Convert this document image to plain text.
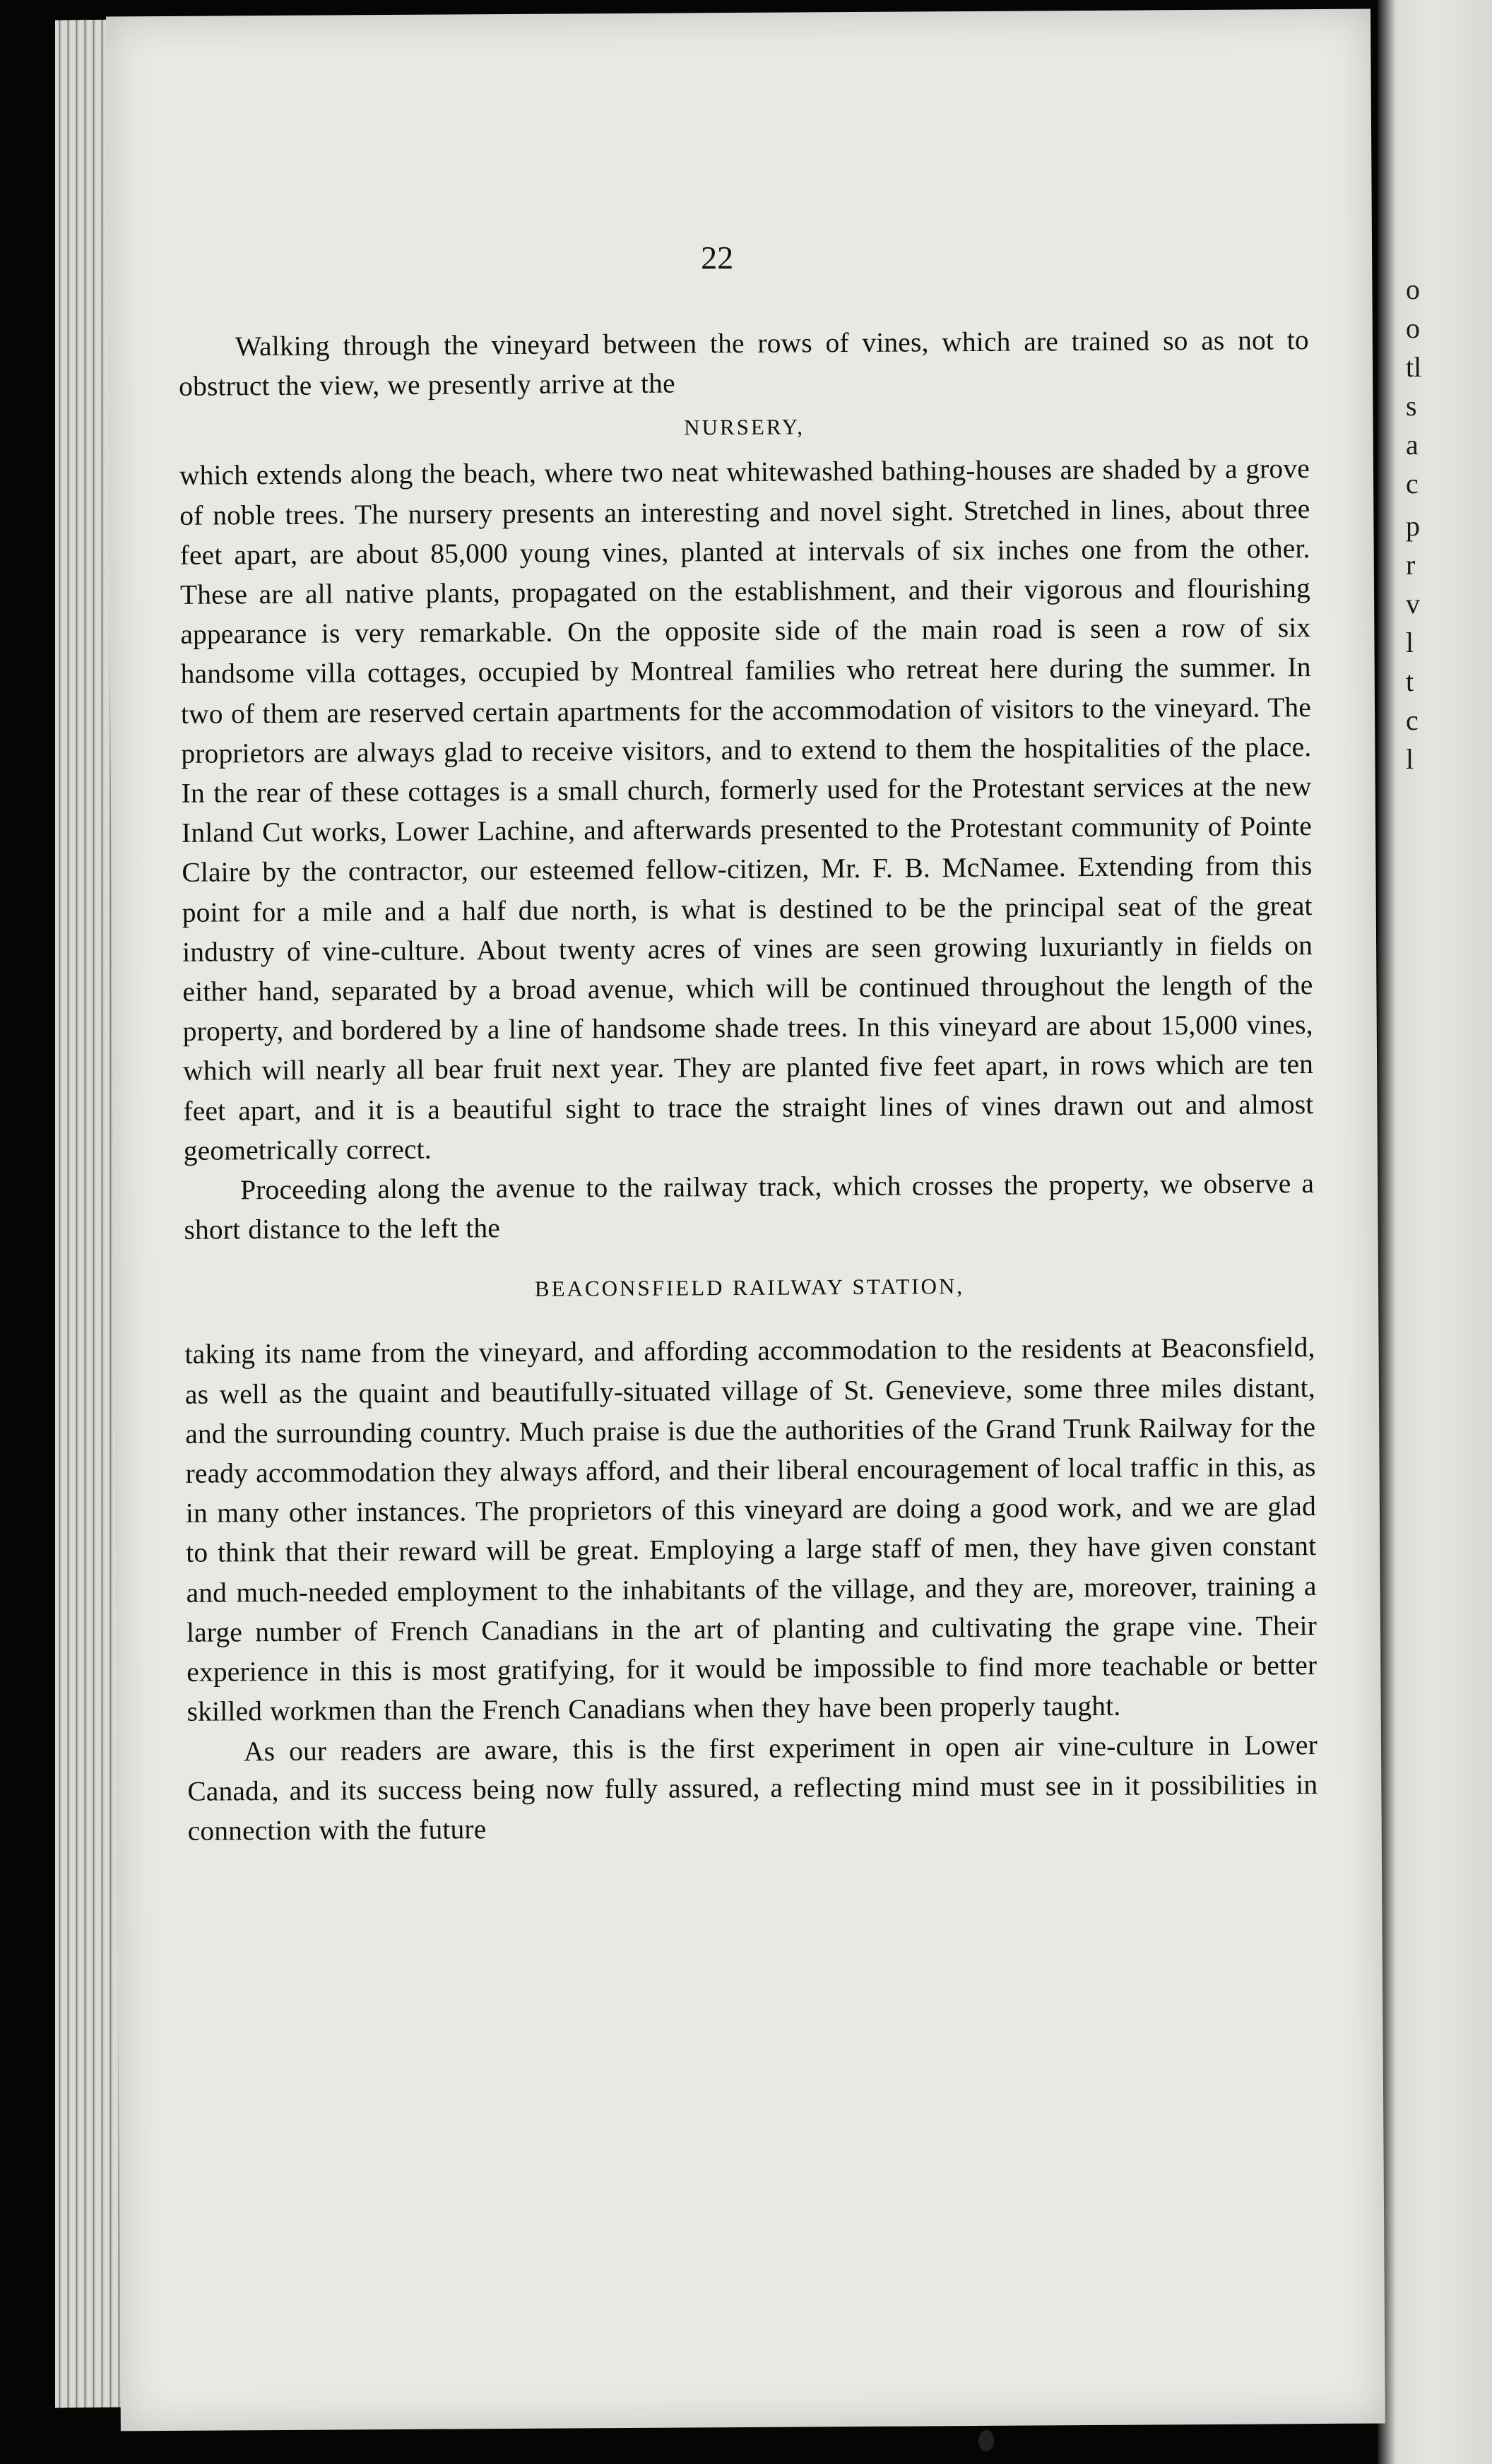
o
o
tl
s
a
c
p
r
v
l
t
c
l
22

Walking through the vineyard between the rows of vines, which are trained so as not to obstruct the view, we presently arrive at the

NURSERY,

which extends along the beach, where two neat whitewashed bathing-houses are shaded by a grove of noble trees. The nursery presents an interesting and novel sight. Stretched in lines, about three feet apart, are about 85,000 young vines, planted at intervals of six inches one from the other. These are all native plants, propagated on the establishment, and their vigorous and flourishing appearance is very remarkable. On the opposite side of the main road is seen a row of six handsome villa cottages, occupied by Montreal families who retreat here during the summer. In two of them are reserved certain apartments for the accommodation of visitors to the vineyard. The proprietors are always glad to receive visitors, and to extend to them the hospitalities of the place. In the rear of these cottages is a small church, formerly used for the Protestant services at the new Inland Cut works, Lower Lachine, and afterwards presented to the Protestant community of Pointe Claire by the contractor, our esteemed fellow-citizen, Mr. F. B. McNamee. Extending from this point for a mile and a half due north, is what is destined to be the principal seat of the great industry of vine-culture. About twenty acres of vines are seen growing luxuriantly in fields on either hand, separated by a broad avenue, which will be continued throughout the length of the property, and bordered by a line of handsome shade trees. In this vineyard are about 15,000 vines, which will nearly all bear fruit next year. They are planted five feet apart, in rows which are ten feet apart, and it is a beautiful sight to trace the straight lines of vines drawn out and almost geometrically correct.

Proceeding along the avenue to the railway track, which crosses the property, we observe a short distance to the left the

BEACONSFIELD RAILWAY STATION,

taking its name from the vineyard, and affording accommodation to the residents at Beaconsfield, as well as the quaint and beautifully-situated village of St. Genevieve, some three miles distant, and the surrounding country. Much praise is due the authorities of the Grand Trunk Railway for the ready accommodation they always afford, and their liberal encouragement of local traffic in this, as in many other instances. The proprietors of this vineyard are doing a good work, and we are glad to think that their reward will be great. Employing a large staff of men, they have given constant and much-needed employment to the inhabitants of the village, and they are, moreover, training a large number of French Canadians in the art of planting and cultivating the grape vine. Their experience in this is most gratifying, for it would be impossible to find more teachable or better skilled workmen than the French Canadians when they have been properly taught.

As our readers are aware, this is the first experiment in open air vine-culture in Lower Canada, and its success being now fully assured, a reflecting mind must see in it possibilities in connection with the future
